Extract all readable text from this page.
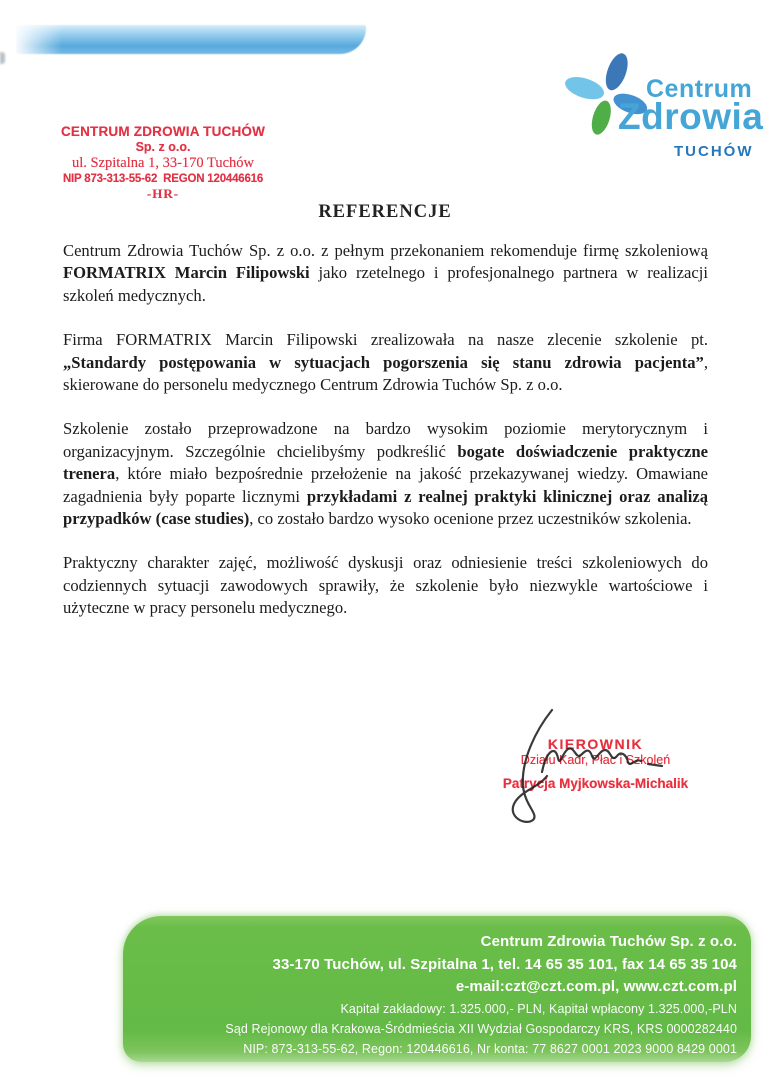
CENTRUM ZDROWIA TUCHÓW
Sp. z o.o.
ul. Szpitalna 1, 33-170 Tuchów
NIP 873-313-55-62  REGON 120446616
-HR-
Centrum
Zdrowia
TUCHÓW
REFERENCJE

Centrum Zdrowia Tuchów Sp. z o.o. z pełnym przekonaniem rekomenduje firmę szkoleniową FORMATRIX Marcin Filipowski jako rzetelnego i profesjonalnego partnera w realizacji szkoleń medycznych.

Firma FORMATRIX Marcin Filipowski zrealizowała na nasze zlecenie szkolenie pt. „Standardy postępowania w sytuacjach pogorszenia się stanu zdrowia pacjenta”, skierowane do personelu medycznego Centrum Zdrowia Tuchów Sp. z o.o.

Szkolenie zostało przeprowadzone na bardzo wysokim poziomie merytorycznym i organizacyjnym. Szczególnie chcielibyśmy podkreślić bogate doświadczenie praktyczne trenera, które miało bezpośrednie przełożenie na jakość przekazywanej wiedzy. Omawiane zagadnienia były poparte licznymi przykładami z realnej praktyki klinicznej oraz analizą przypadków (case studies), co zostało bardzo wysoko ocenione przez uczestników szkolenia.

Praktyczny charakter zajęć, możliwość dyskusji oraz odniesienie treści szkoleniowych do codziennych sytuacji zawodowych sprawiły, że szkolenie było niezwykle wartościowe i użyteczne w pracy personelu medycznego.

KIEROWNIK
Działu Kadr, Płac i Szkoleń
Patrycja Myjkowska-Michalik
Centrum Zdrowia Tuchów Sp. z o.o.
33-170 Tuchów, ul. Szpitalna 1, tel. 14 65 35 101, fax 14 65 35 104
e-mail:czt@czt.com.pl, www.czt.com.pl
Kapitał zakładowy: 1.325.000,- PLN, Kapitał wpłacony 1.325.000,-PLN
Sąd Rejonowy dla Krakowa-Śródmieścia XII Wydział Gospodarczy KRS, KRS 0000282440
NIP: 873-313-55-62, Regon: 120446616, Nr konta: 77 8627 0001 2023 9000 8429 0001
